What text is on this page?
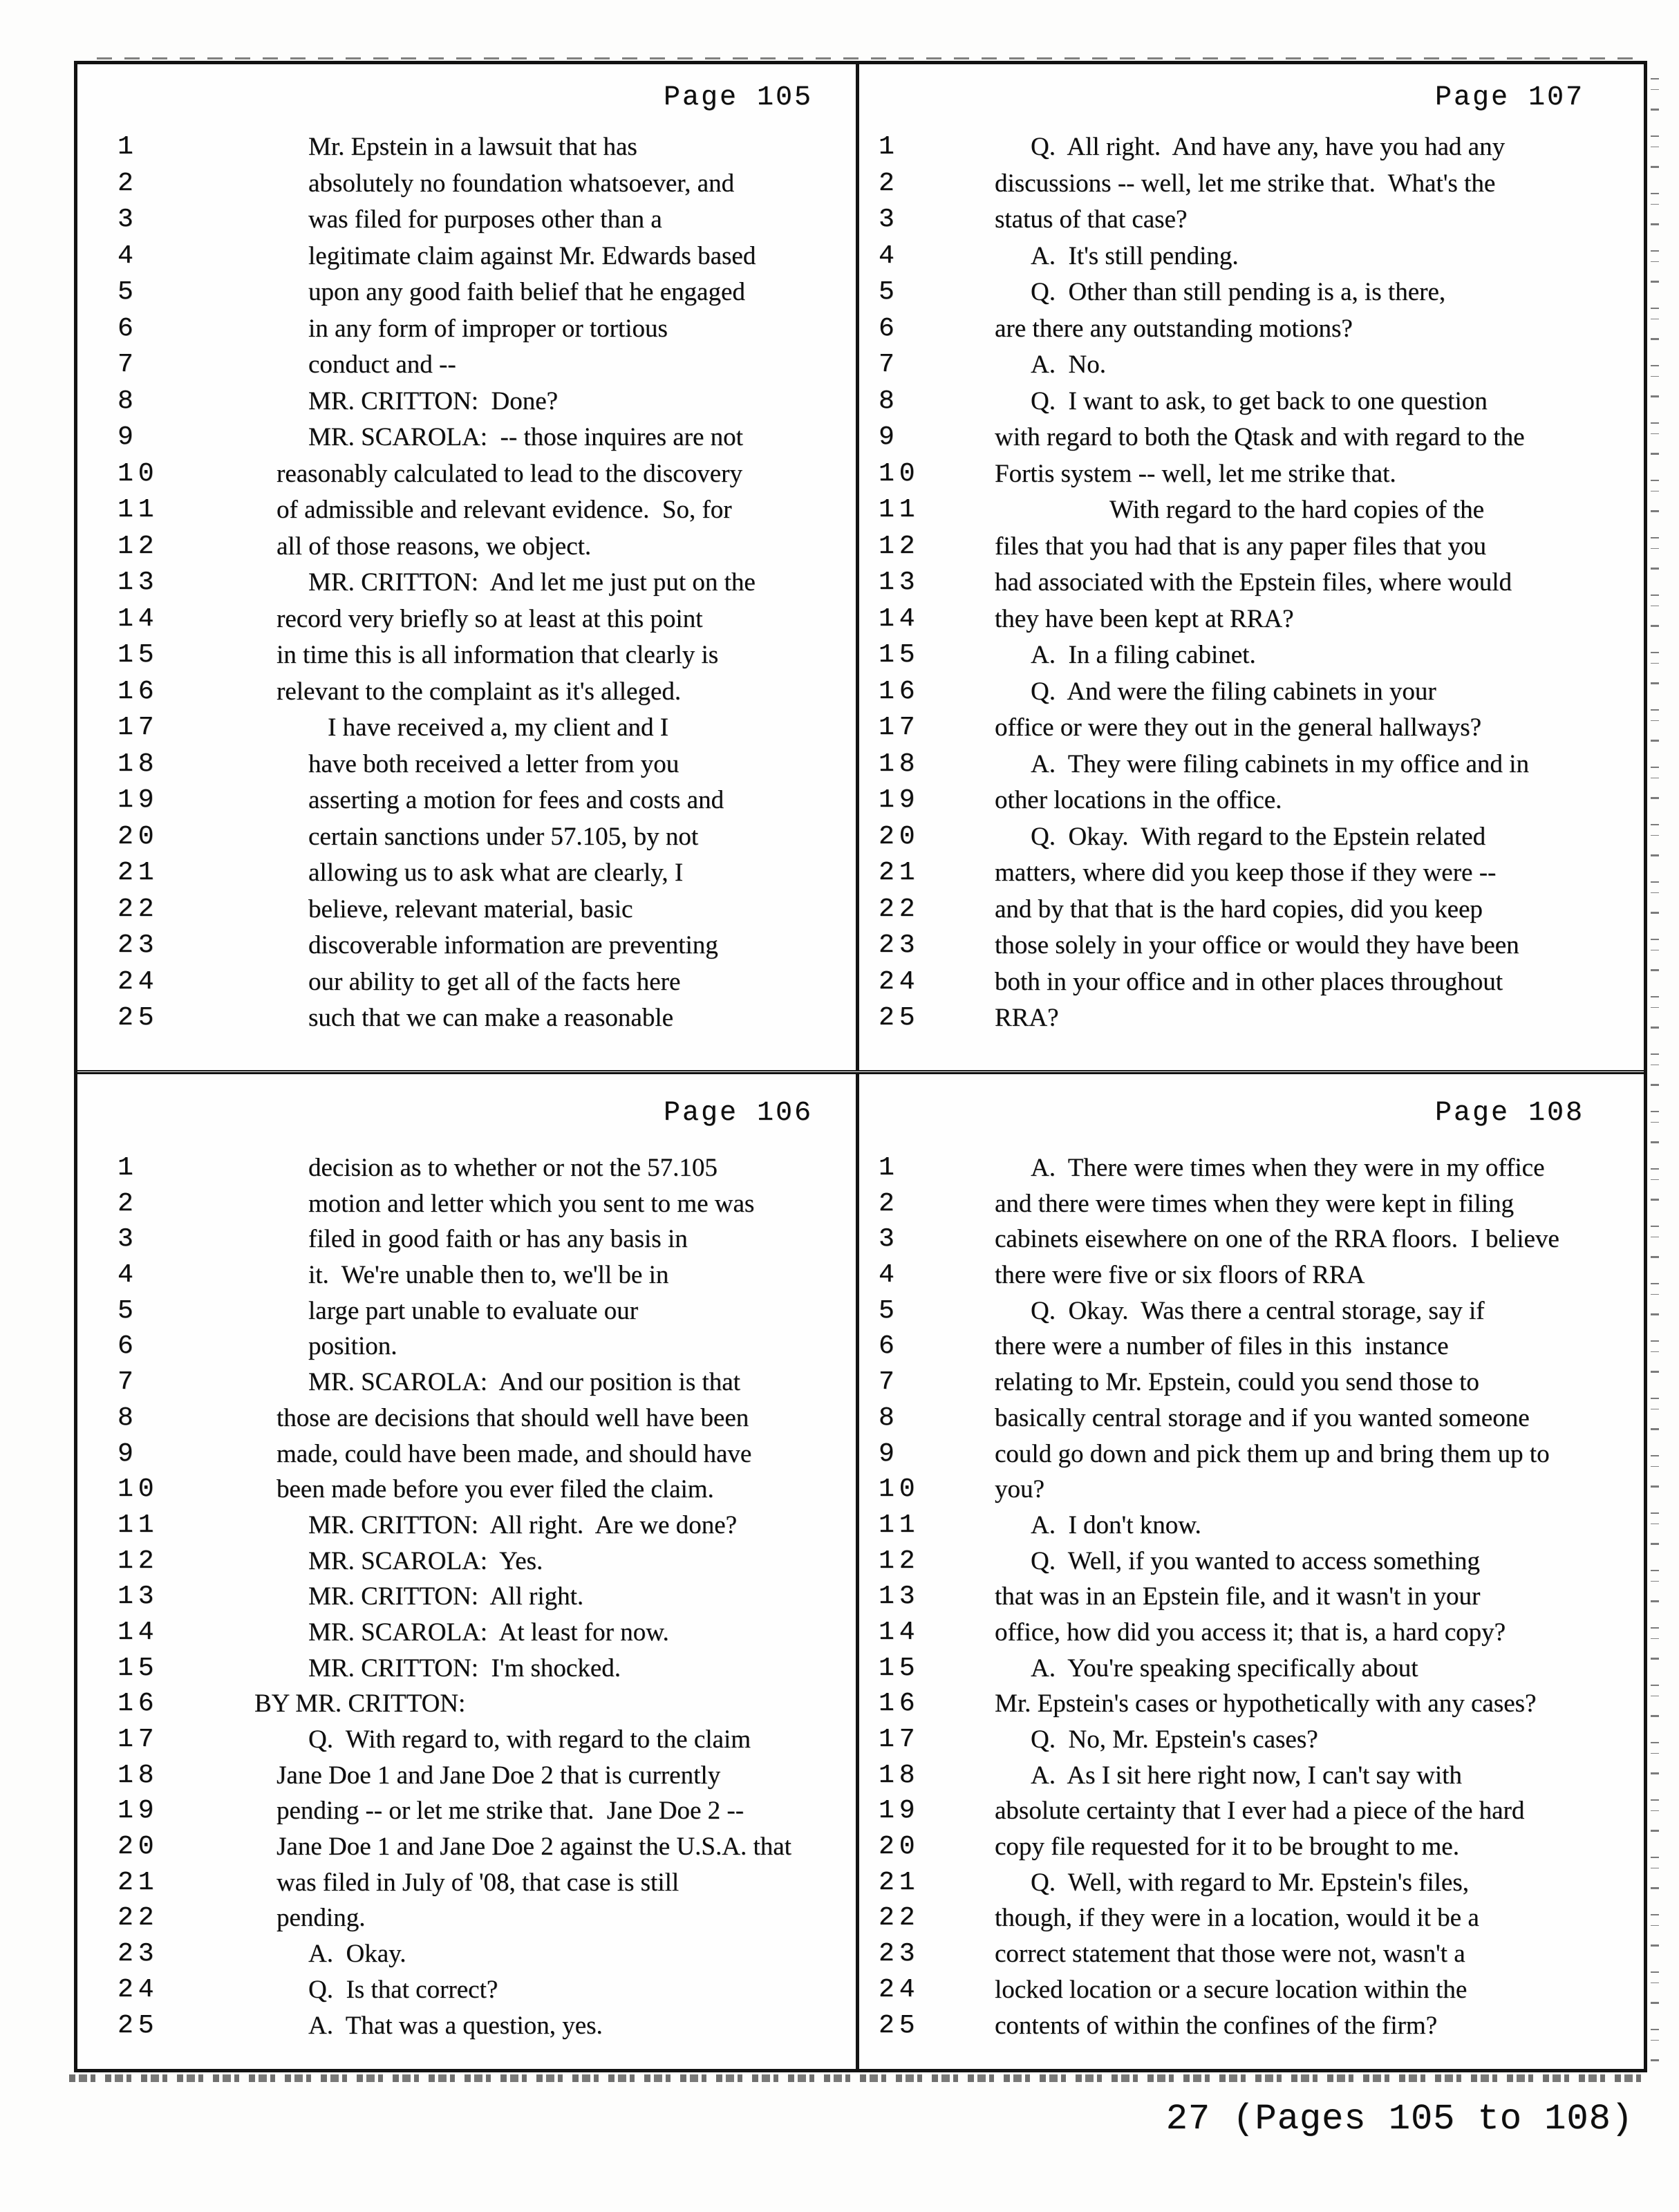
Page 105
1	Mr. Epstein in a lawsuit that has
2	absolutely no foundation whatsoever, and
3	was filed for purposes other than a
4	legitimate claim against Mr. Edwards based
5	upon any good faith belief that he engaged
6	in any form of improper or tortious
7	conduct and --
8	MR. CRITTON:  Done?
9	MR. SCAROLA:  -- those inquires are not
10	reasonably calculated to lead to the discovery
11	of admissible and relevant evidence.  So, for
12	all of those reasons, we object.
13	MR. CRITTON:  And let me just put on the
14	record very briefly so at least at this point
15	in time this is all information that clearly is
16	relevant to the complaint as it's alleged.
17	I have received a, my client and I
18	have both received a letter from you
19	asserting a motion for fees and costs and
20	certain sanctions under 57.105, by not
21	allowing us to ask what are clearly, I
22	believe, relevant material, basic
23	discoverable information are preventing
24	our ability to get all of the facts here
25	such that we can make a reasonable
Page 107
1	Q.  All right.  And have any, have you had any
2	discussions -- well, let me strike that.  What's the
3	status of that case?
4	A.  It's still pending.
5	Q.  Other than still pending is a, is there,
6	are there any outstanding motions?
7	A.  No.
8	Q.  I want to ask, to get back to one question
9	with regard to both the Qtask and with regard to the
10	Fortis system -- well, let me strike that.
11	With regard to the hard copies of the
12	files that you had that is any paper files that you
13	had associated with the Epstein files, where would
14	they have been kept at RRA?
15	A.  In a filing cabinet.
16	Q.  And were the filing cabinets in your
17	office or were they out in the general hallways?
18	A.  They were filing cabinets in my office and in
19	other locations in the office.
20	Q.  Okay.  With regard to the Epstein related
21	matters, where did you keep those if they were --
22	and by that that is the hard copies, did you keep
23	those solely in your office or would they have been
24	both in your office and in other places throughout
25	RRA?
Page 106
1	decision as to whether or not the 57.105
2	motion and letter which you sent to me was
3	filed in good faith or has any basis in
4	it.  We're unable then to, we'll be in
5	large part unable to evaluate our
6	position.
7	MR. SCAROLA:  And our position is that
8	those are decisions that should well have been
9	made, could have been made, and should have
10	been made before you ever filed the claim.
11	MR. CRITTON:  All right.  Are we done?
12	MR. SCAROLA:  Yes.
13	MR. CRITTON:  All right.
14	MR. SCAROLA:  At least for now.
15	MR. CRITTON:  I'm shocked.
16	BY MR. CRITTON:
17	Q.  With regard to, with regard to the claim
18	Jane Doe 1 and Jane Doe 2 that is currently
19	pending -- or let me strike that.  Jane Doe 2 --
20	Jane Doe 1 and Jane Doe 2 against the U.S.A. that
21	was filed in July of '08, that case is still
22	pending.
23	A.  Okay.
24	Q.  Is that correct?
25	A.  That was a question, yes.
Page 108
1	A.  There were times when they were in my office
2	and there were times when they were kept in filing
3	cabinets eisewhere on one of the RRA floors.  I believe
4	there were five or six floors of RRA
5	Q.  Okay.  Was there a central storage, say if
6	there were a number of files in this  instance
7	relating to Mr. Epstein, could you send those to
8	basically central storage and if you wanted someone
9	could go down and pick them up and bring them up to
10	you?
11	A.  I don't know.
12	Q.  Well, if you wanted to access something
13	that was in an Epstein file, and it wasn't in your
14	office, how did you access it; that is, a hard copy?
15	A.  You're speaking specifically about
16	Mr. Epstein's cases or hypothetically with any cases?
17	Q.  No, Mr. Epstein's cases?
18	A.  As I sit here right now, I can't say with
19	absolute certainty that I ever had a piece of the hard
20	copy file requested for it to be brought to me.
21	Q.  Well, with regard to Mr. Epstein's files,
22	though, if they were in a location, would it be a
23	correct statement that those were not, wasn't a
24	locked location or a secure location within the
25	contents of within the confines of the firm?
27 (Pages 105 to 108)
